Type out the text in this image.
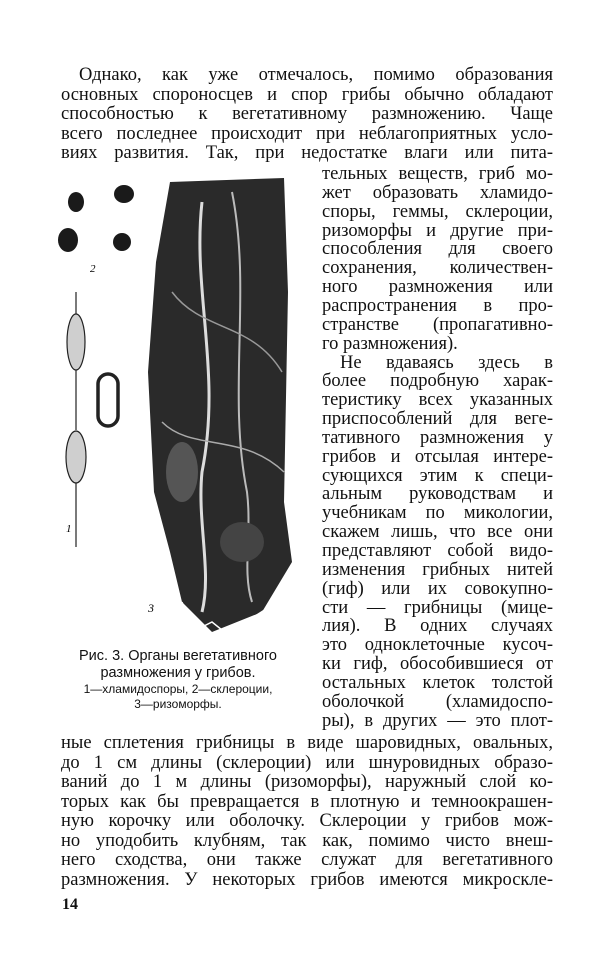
Однако, как уже отмечалось, помимо образования
основных спороносцев и спор грибы обычно обладают
способностью к вегетативному размножению. Чаще
всего последнее происходит при неблагоприятных усло-
виях развития. Так, при недостатке влаги или пита-
тельных веществ, гриб мо-
жет образовать хламидо-
споры, геммы, склероции,
ризоморфы и другие при-
способления для своего
сохранения, количествен-
ного размножения или
распространения в про-
странстве (пропагативно-
го размножения).
Не вдаваясь здесь в
более подробную харак-
теристику всех указанных
приспособлений для веге-
тативного размножения у
грибов и отсылая интере-
сующихся этим к специ-
альным руководствам и
учебникам по микологии,
скажем лишь, что все они
представляют собой видо-
изменения грибных нитей
(гиф) или их совокупно-
сти — грибницы (мице-
лия). В одних случаях
это одноклеточные кусоч-
ки гиф, обособившиеся от
остальных клеток толстой
оболочкой (хламидоспо-
ры), в других — это плот-
ные сплетения грибницы в виде шаровидных, овальных,
до 1 см длины (склероции) или шнуровидных образо-
ваний до 1 м длины (ризоморфы), наружный слой ко-
торых как бы превращается в плотную и темноокрашен-
ную корочку или оболочку. Склероции у грибов мож-
но уподобить клубням, так как, помимо чисто внеш-
него сходства, они также служат для вегетативного
размножения. У некоторых грибов имеются микроскле-
2
1
3
Рис. 3. Органы вегетативного
размножения у грибов.
1—хламидоспоры, 2—склероции,
3—ризоморфы.
14
